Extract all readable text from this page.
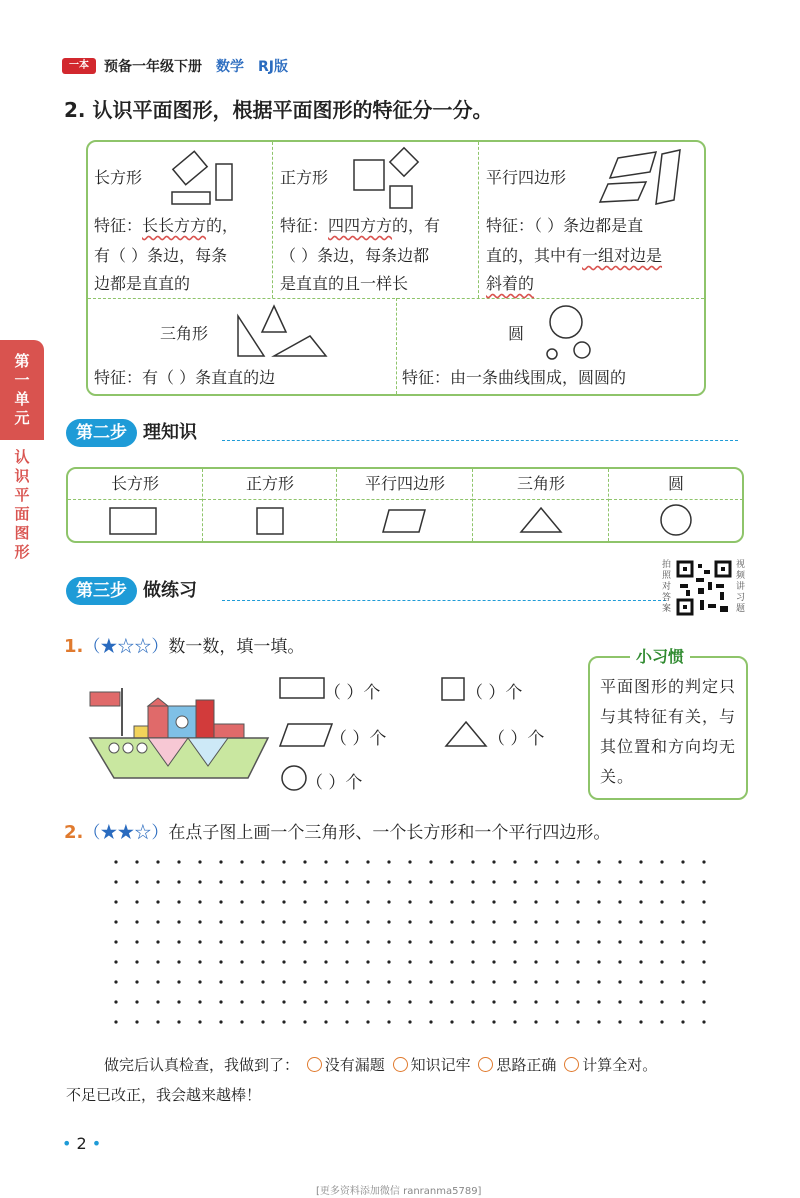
一本	预备一年级下册 数学 RJ版
第
一
单
元
认
识
平
面
图
形
2. 认识平面图形，根据平面图形的特征分一分。
长方形
特征：长长方方的，
有（ ）条边，每条
边都是直直的
正方形
特征：四四方方的，有
（ ）条边，每条边都
是直直的且一样长
平行四边形
特征：（ ）条边都是直
直的，其中有一组对边是
斜着的
三角形
特征：有（ ）条直直的边
圆
特征：由一条曲线围成，圆圆的
第二步 理知识
长方形	正方形	平行四边形	三角形	圆
第三步 做练习
拍照对答案
视频讲习题
1.（★☆☆）数一数，填一填。
（ ）个	（ ）个
（ ）个	（ ）个
（ ）个
小习惯
平面图形的判定只与其特征有关，与其位置和方向均无关。
2.（★★☆）在点子图上画一个三角形、一个长方形和一个平行四边形。
做完后认真检查，我做到了： 没有漏题 知识记牢 思路正确 计算全对。
不足已改正，我会越来越棒！
• 2 •
[更多资料添加微信 ranranma5789]
